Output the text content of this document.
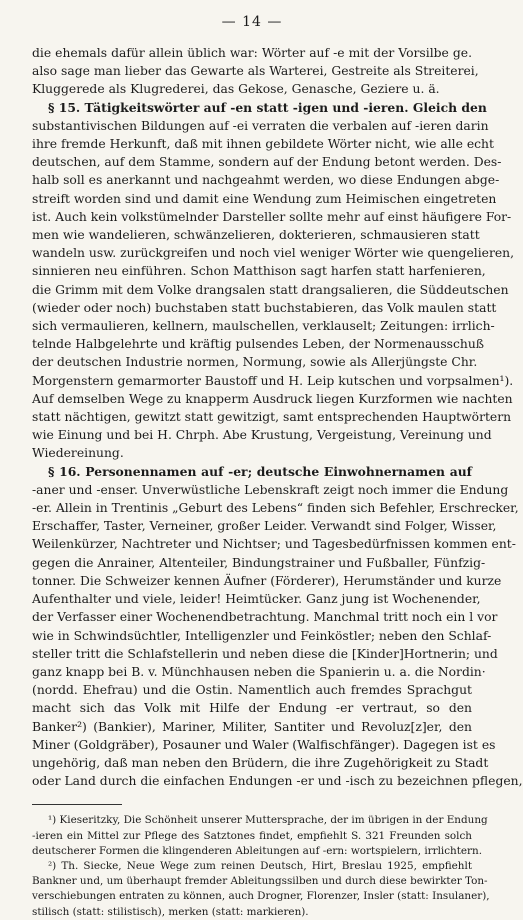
— 14 —
die ehemals dafür allein üblich war: Wörter auf -e mit der Vorsilbe ge.
also sage man lieber das Gewarte als Warterei, Gestreite als Streiterei,
Kluggerede als Klugrederei, das Gekose, Genasche, Geziere u. ä.
§ 15. Tätigkeitswörter auf -en statt -igen und -ieren. Gleich den
substantivischen Bildungen auf -ei verraten die verbalen auf -ieren darin
ihre fremde Herkunft, daß mit ihnen gebildete Wörter nicht, wie alle echt
deutschen, auf dem Stamme, sondern auf der Endung betont werden. Des-
halb soll es anerkannt und nachgeahmt werden, wo diese Endungen abge-
streift worden sind und damit eine Wendung zum Heimischen eingetreten
ist. Auch kein volkstümelnder Darsteller sollte mehr auf einst häufigere For-
men wie wandelieren, schwänzelieren, dokterieren, schmausieren statt
wandeln usw. zurückgreifen und noch viel weniger Wörter wie quengelieren,
sinnieren neu einführen. Schon Matthison sagt harfen statt harfenieren,
die Grimm mit dem Volke drangsalen statt drangsalieren, die Süddeutschen
(wieder oder noch) buchstaben statt buchstabieren, das Volk maulen statt
sich vermaulieren, kellnern, maulschellen, verklauselt; Zeitungen: irrlich-
telnde Halbgelehrte und kräftig pulsendes Leben, der Normenausschuß
der deutschen Industrie normen, Normung, sowie als Allerjüngste Chr.
Morgenstern gemarmorter Baustoff und H. Leip kutschen und vorpsalmen¹).
Auf demselben Wege zu knapperm Ausdruck liegen Kurzformen wie nachten
statt nächtigen, gewitzt statt gewitzigt, samt entsprechenden Hauptwörtern
wie Einung und bei H. Chrph. Abe Krustung, Vergeistung, Vereinung und
Wiedereinung.
§ 16. Personennamen auf -er; deutsche Einwohnernamen auf
-aner und -enser. Unverwüstliche Lebenskraft zeigt noch immer die Endung
-er. Allein in Trentinis „Geburt des Lebens“ finden sich Befehler, Erschrecker,
Erschaffer, Taster, Verneiner, großer Leider. Verwandt sind Folger, Wisser,
Weilenkürzer, Nachtreter und Nichtser; und Tagesbedürfnissen kommen ent-
gegen die Anrainer, Altenteiler, Bindungstrainer und Fußballer, Fünfzig-
tonner. Die Schweizer kennen Äufner (Förderer), Herumständer und kurze
Aufenthalter und viele, leider! Heimtücker. Ganz jung ist Wochenender,
der Verfasser einer Wochenendbetrachtung. Manchmal tritt noch ein l vor
wie in Schwindsüchtler, Intelligenzler und Feinköstler; neben den Schlaf-
steller tritt die Schlafstellerin und neben diese die [Kinder]Hortnerin; und
ganz knapp bei B. v. Münchhausen neben die Spanierin u. a. die Nordin·
(nordd. Ehefrau) und die Ostin. Namentlich auch fremdes Sprachgut
macht sich das Volk mit Hilfe der Endung -er vertraut, so den
Banker²) (Bankier), Mariner, Militer, Santiter und Revoluz[z]er, den
Miner (Goldgräber), Posauner und Waler (Walfischfänger). Dagegen ist es
ungehörig, daß man neben den Brüdern, die ihre Zugehörigkeit zu Stadt
oder Land durch die einfachen Endungen -er und -isch zu bezeichnen pflegen,
¹) Kieseritzky, Die Schönheit unserer Muttersprache, der im übrigen in der Endung
-ieren ein Mittel zur Pflege des Satztones findet, empfiehlt S. 321 Freunden solch
deutscherer Formen die klingenderen Ableitungen auf -ern: wortspielern, irrlichtern.
²) Th. Siecke, Neue Wege zum reinen Deutsch, Hirt, Breslau 1925, empfiehlt
Bankner und, um überhaupt fremder Ableitungssilben und durch diese bewirkter Ton-
verschiebungen entraten zu können, auch Drogner, Florenzer, Insler (statt: Insulaner),
stilisch (statt: stilistisch), merken (statt: markieren).
